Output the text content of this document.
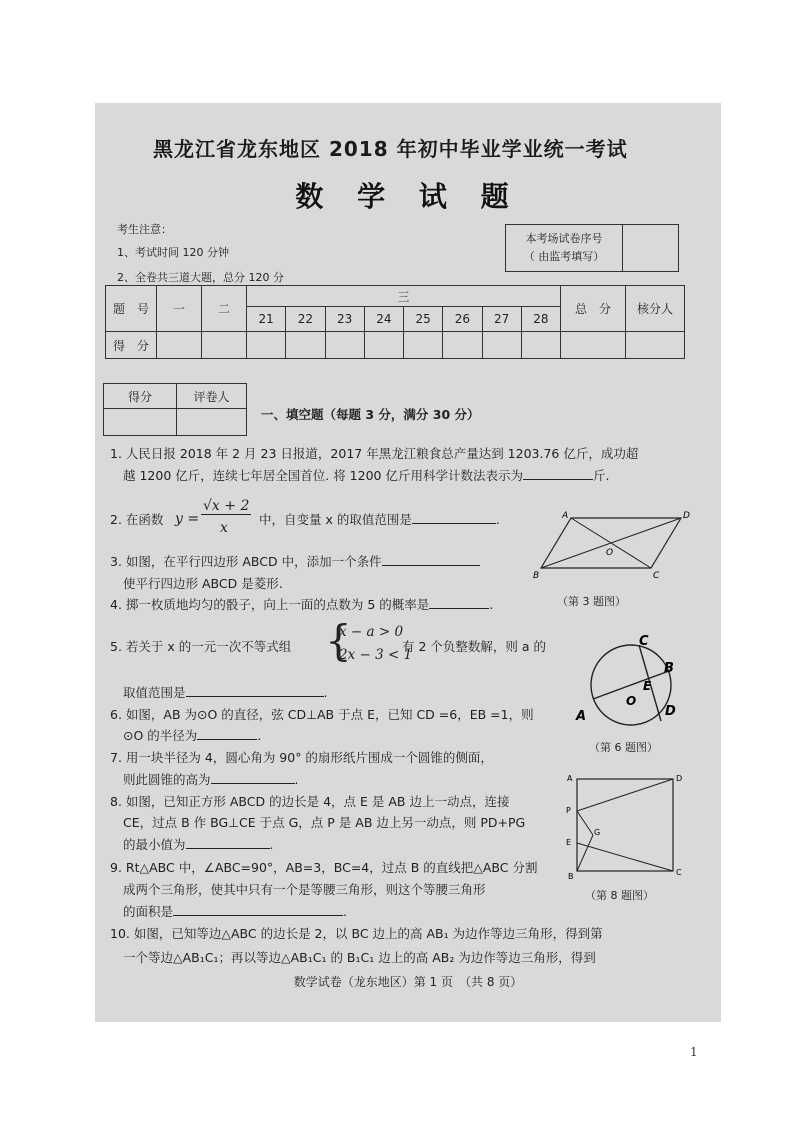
黑龙江省龙东地区 2018 年初中毕业学业统一考试
数 学 试 题
考生注意：
1、考试时间 120 分钟
2、全卷共三道大题，总分 120 分
本考场试卷序号
（ 由监考填写）

题　号	一	二	三								总　分	核分人
			21	22	23	24	25	26	27	28		
得　分												
得分	评卷人

一、填空题（每题 3 分，满分 30 分）
1. 人民日报 2018 年 2 月 23 日报道，2017 年黑龙江粮食总产量达到 1203.76 亿斤，成功超
越 1200 亿斤，连续七年居全国首位. 将 1200 亿斤用科学计数法表示为	斤.
2. 在函数 y =
√x + 2
x
中，自变量 x 的取值范围是	.
3. 如图，在平行四边形 ABCD 中，添加一个条件
使平行四边形 ABCD 是菱形.
4. 掷一枚质地均匀的骰子，向上一面的点数为 5 的概率是	.
5. 若关于 x 的一元一次不等式组 {
x − a > 0
2x − 3 < 1
有 2 个负整数解，则 a 的
取值范围是	.
6. 如图，AB 为⊙O 的直径，弦 CD⊥AB 于点 E，已知 CD =6，EB =1，则
⊙O 的半径为	.
7. 用一块半径为 4，圆心角为 90° 的扇形纸片围成一个圆锥的侧面，
则此圆锥的高为	.
8. 如图，已知正方形 ABCD 的边长是 4，点 E 是 AB 边上一动点，连接
CE，过点 B 作 BG⊥CE 于点 G，点 P 是 AB 边上另一动点，则 PD+PG
的最小值为	.
9. Rt△ABC 中，∠ABC=90°，AB=3，BC=4，过点 B 的直线把△ABC 分割
成两个三角形，使其中只有一个是等腰三角形，则这个等腰三角形
的面积是	.
10. 如图，已知等边△ABC 的边长是 2，以 BC 边上的高 AB₁ 为边作等边三角形，得到第
一个等边△AB₁C₁；再以等边△AB₁C₁ 的 B₁C₁ 边上的高 AB₂ 为边作等边三角形，得到
A	D
B	C
O
（第 3 题图）
C
B
E
O
A	D
（第 6 题图）
A	D
P
G
E
B	C
（第 8 题图）
数学试卷（龙东地区）第 1 页　（共 8 页）
1
